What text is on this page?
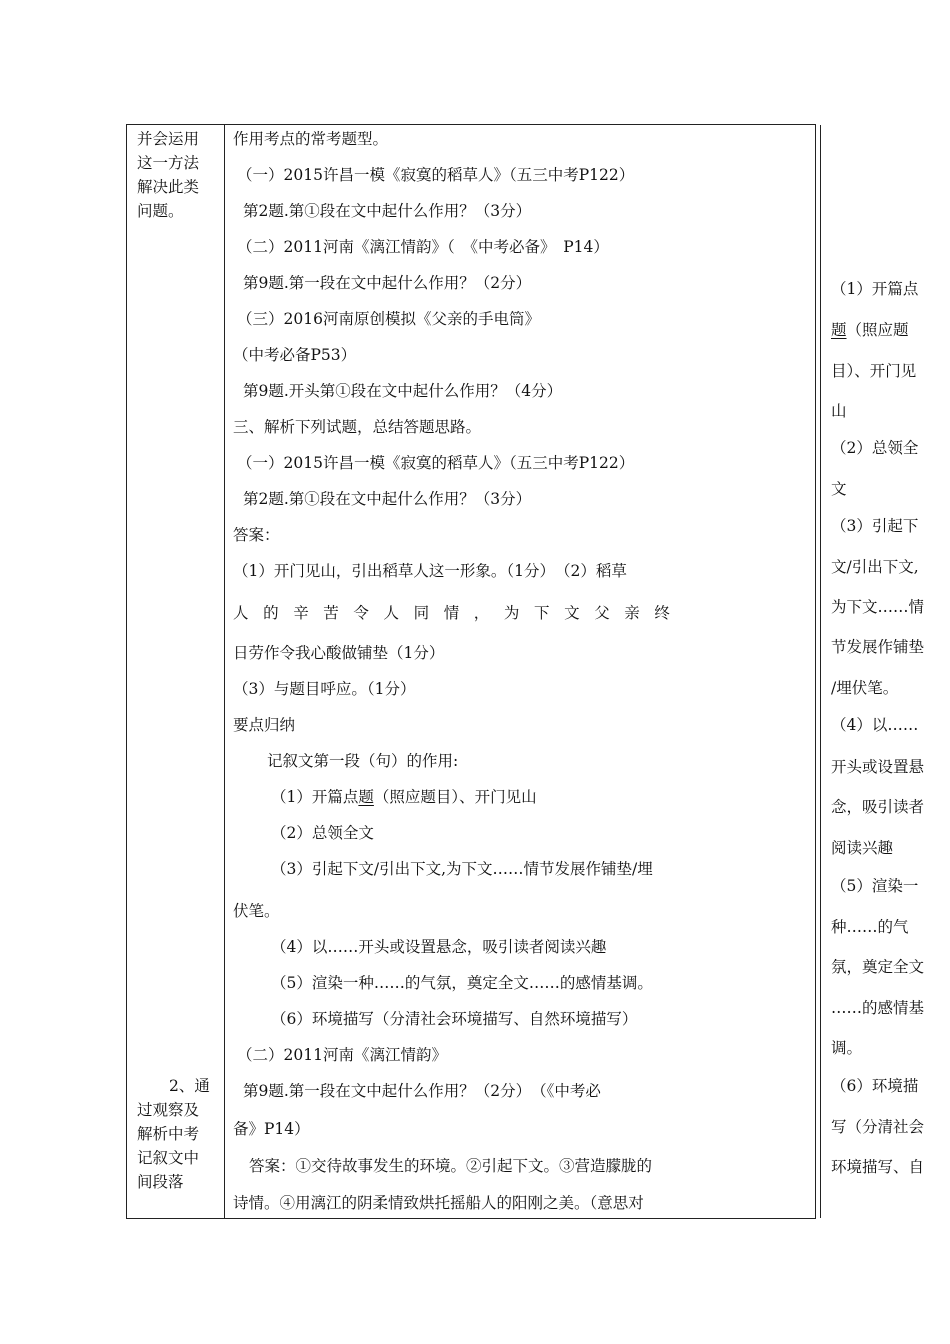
并会运用
这一方法
解决此类
问题。
2、通
过观察及
解析中考
记叙文中
间段落
作用考点的常考题型。
（一）2015许昌一模《寂寞的稻草人》（五三中考P122）
第2题.第①段在文中起什么作用？（3分）
（二）2011河南《漓江情韵》（　《中考必备》　P14）
第9题.第一段在文中起什么作用？（2分）
（三）2016河南原创模拟《父亲的手电筒》
（中考必备P53）
第9题.开头第①段在文中起什么作用？（4分）
三、解析下列试题，总结答题思路。
（一）2015许昌一模《寂寞的稻草人》（五三中考P122）
第2题.第①段在文中起什么作用？（3分）
答案：
（1）开门见山，引出稻草人这一形象。（1分）　（2）稻草
人的辛苦令人同情，为下文父亲终
日劳作令我心酸做铺垫（1分）
（3）与题目呼应。（1分）
要点归纳
记叙文第一段（句）的作用:
（1）开篇点题（照应题目）、开门见山
（2）总领全文
（3）引起下文/引出下文,为下文……情节发展作铺垫/埋
伏笔。
（4）以……开头或设置悬念，吸引读者阅读兴趣
（5）渲染一种……的气氛，奠定全文……的感情基调。
（6）环境描写（分清社会环境描写、自然环境描写）
（二）2011河南《漓江情韵》
第9题.第一段在文中起什么作用？（2分）　（《中考必
备》P14）
答案：①交待故事发生的环境。②引起下文。③营造朦胧的
诗情。④用漓江的阴柔情致烘托摇船人的阳刚之美。（意思对
（1）开篇点
题（照应题
目）、开门见
山
（2）总领全
文
（3）引起下
文/引出下文,
为下文……情
节发展作铺垫
/埋伏笔。
（4）以……
开头或设置悬
念，吸引读者
阅读兴趣
（5）渲染一
种……的气
氛，奠定全文
……的感情基
调。
（6）环境描
写（分清社会
环境描写、自
